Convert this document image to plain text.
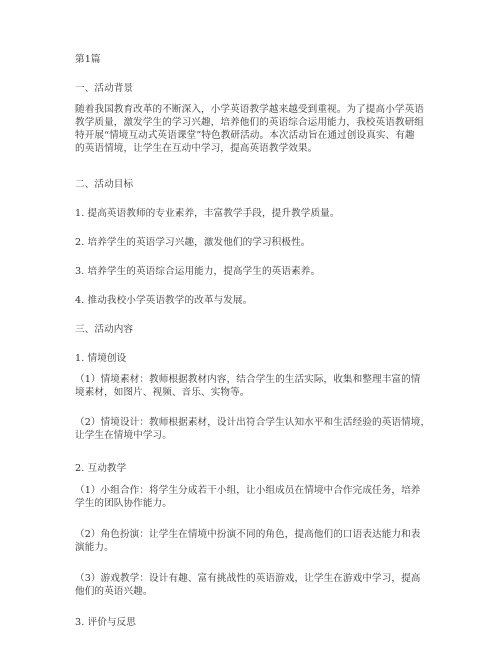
第1篇
一、活动背景
随着我国教育改革的不断深入，小学英语教学越来越受到重视。为了提高小学英语
教学质量，激发学生的学习兴趣，培养他们的英语综合运用能力，我校英语教研组
特开展“情境互动式英语课堂”特色教研活动。本次活动旨在通过创设真实、有趣
的英语情境，让学生在互动中学习，提高英语教学效果。
二、活动目标
1. 提高英语教师的专业素养，丰富教学手段，提升教学质量。
2. 培养学生的英语学习兴趣，激发他们的学习积极性。
3. 培养学生的英语综合运用能力，提高学生的英语素养。
4. 推动我校小学英语教学的改革与发展。
三、活动内容
1. 情境创设
（1）情境素材：教师根据教材内容，结合学生的生活实际，收集和整理丰富的情
境素材，如图片、视频、音乐、实物等。
（2）情境设计：教师根据素材，设计出符合学生认知水平和生活经验的英语情境，
让学生在情境中学习。
2. 互动教学
（1）小组合作：将学生分成若干小组，让小组成员在情境中合作完成任务，培养
学生的团队协作能力。
（2）角色扮演：让学生在情境中扮演不同的角色，提高他们的口语表达能力和表
演能力。
（3）游戏教学：设计有趣、富有挑战性的英语游戏，让学生在游戏中学习，提高
他们的英语兴趣。
3. 评价与反思
